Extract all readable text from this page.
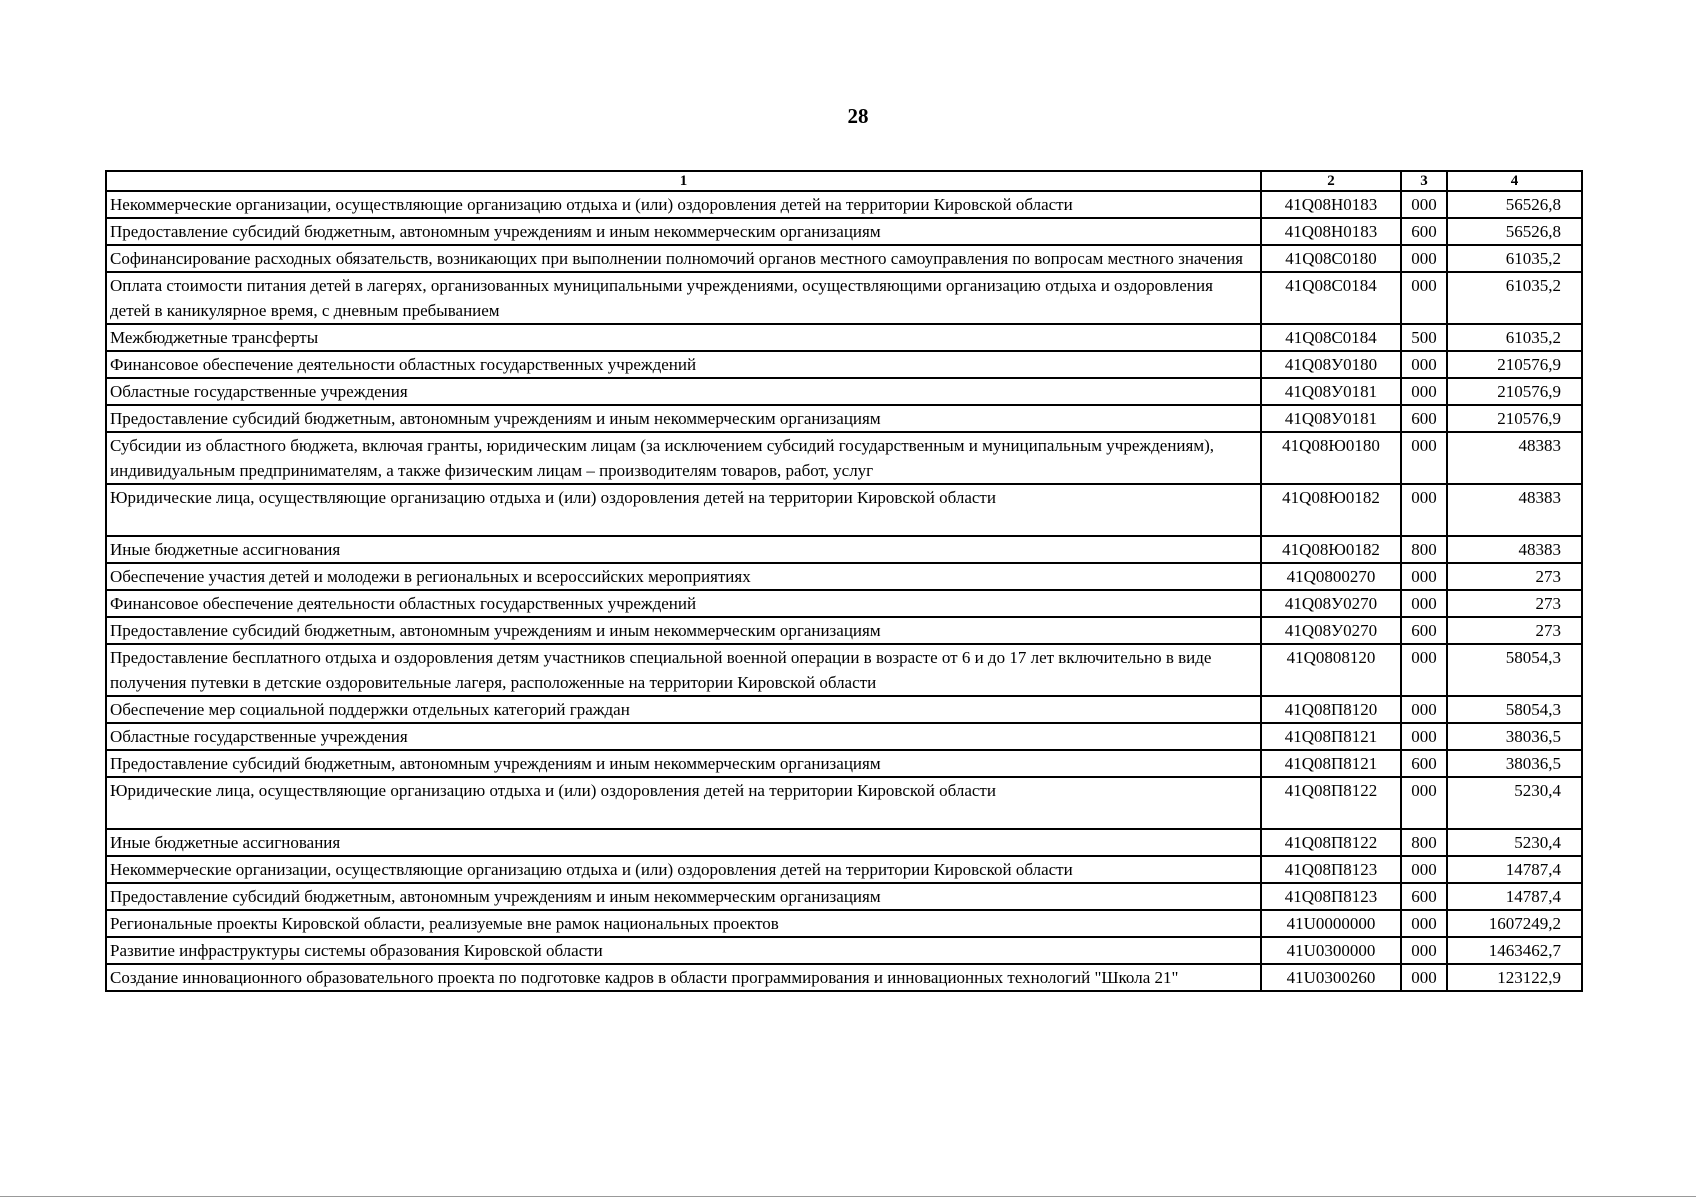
28
1	2	3	4
Некоммерческие организации, осуществляющие организацию отдыха и (или) оздоровления детей на территории Кировской области	41Q08Н0183	000	56526,8
Предоставление субсидий бюджетным, автономным учреждениям и иным некоммерческим организациям	41Q08Н0183	600	56526,8
Софинансирование расходных обязательств, возникающих при выполнении полномочий органов местного самоуправления по вопросам местного значения	41Q08С0180	000	61035,2
Оплата стоимости питания детей в лагерях, организованных муниципальными учреждениями, осуществляющими организацию отдыха и оздоровления детей в каникулярное время, с дневным пребыванием	41Q08С0184	000	61035,2
Межбюджетные трансферты	41Q08С0184	500	61035,2
Финансовое обеспечение деятельности областных государственных учреждений	41Q08У0180	000	210576,9
Областные государственные учреждения	41Q08У0181	000	210576,9
Предоставление субсидий бюджетным, автономным учреждениям и иным некоммерческим организациям	41Q08У0181	600	210576,9
Субсидии из областного бюджета, включая гранты, юридическим лицам (за исключением субсидий государственным и муниципальным учреждениям), индивидуальным предпринимателям, а также физическим лицам – производителям товаров, работ, услуг	41Q08Ю0180	000	48383
Юридические лица, осуществляющие организацию отдыха и (или) оздоровления детей на территории Кировской области	41Q08Ю0182	000	48383
Иные бюджетные ассигнования	41Q08Ю0182	800	48383
Обеспечение участия детей и молодежи в региональных и всероссийских мероприятиях	41Q0800270	000	273
Финансовое обеспечение деятельности областных государственных учреждений	41Q08У0270	000	273
Предоставление субсидий бюджетным, автономным учреждениям и иным некоммерческим организациям	41Q08У0270	600	273
Предоставление бесплатного отдыха и оздоровления детям участников специальной военной операции в возрасте от 6 и до 17 лет включительно в виде получения путевки в детские оздоровительные лагеря, расположенные на территории Кировской области	41Q0808120	000	58054,3
Обеспечение мер социальной поддержки отдельных категорий граждан	41Q08П8120	000	58054,3
Областные государственные учреждения	41Q08П8121	000	38036,5
Предоставление субсидий бюджетным, автономным учреждениям и иным некоммерческим организациям	41Q08П8121	600	38036,5
Юридические лица, осуществляющие организацию отдыха и (или) оздоровления детей на территории Кировской области	41Q08П8122	000	5230,4
Иные бюджетные ассигнования	41Q08П8122	800	5230,4
Некоммерческие организации, осуществляющие организацию отдыха и (или) оздоровления детей на территории Кировской области	41Q08П8123	000	14787,4
Предоставление субсидий бюджетным, автономным учреждениям и иным некоммерческим организациям	41Q08П8123	600	14787,4
Региональные проекты Кировской области, реализуемые вне рамок национальных проектов	41U0000000	000	1607249,2
Развитие инфраструктуры системы образования Кировской области	41U0300000	000	1463462,7
Создание инновационного образовательного проекта по подготовке кадров в области программирования и инновационных технологий "Школа 21"	41U0300260	000	123122,9
